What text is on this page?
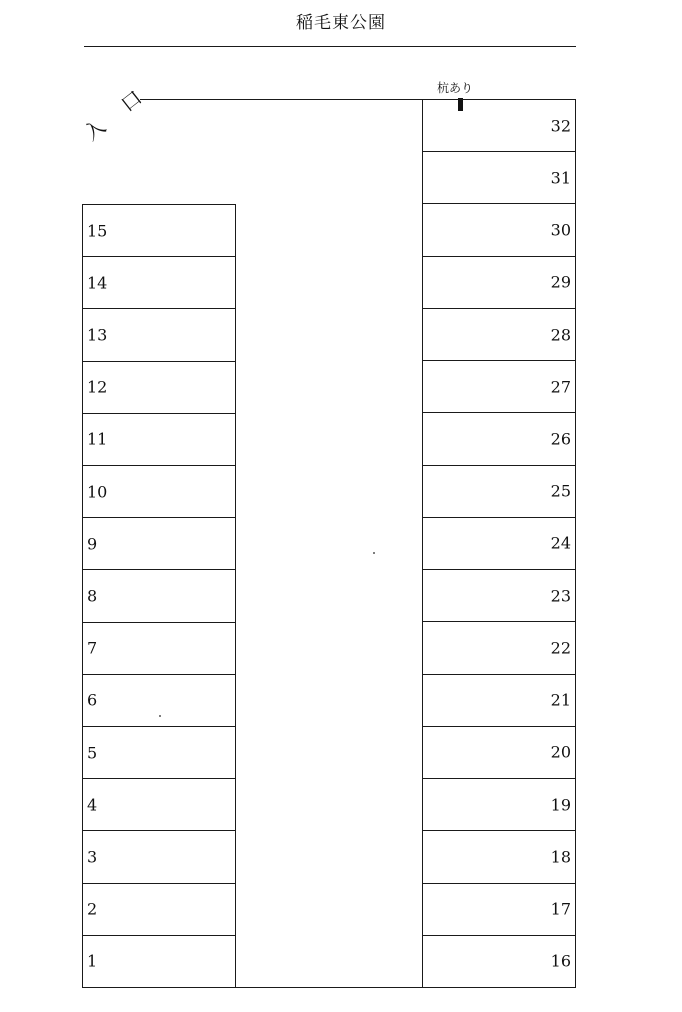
稲毛東公園
杭あり
入 口
15
14
13
12
11
10
9
8
7
6
5
4
3
2
1
32
31
30
29
28
27
26
25
24
23
22
21
20
19
18
17
16
